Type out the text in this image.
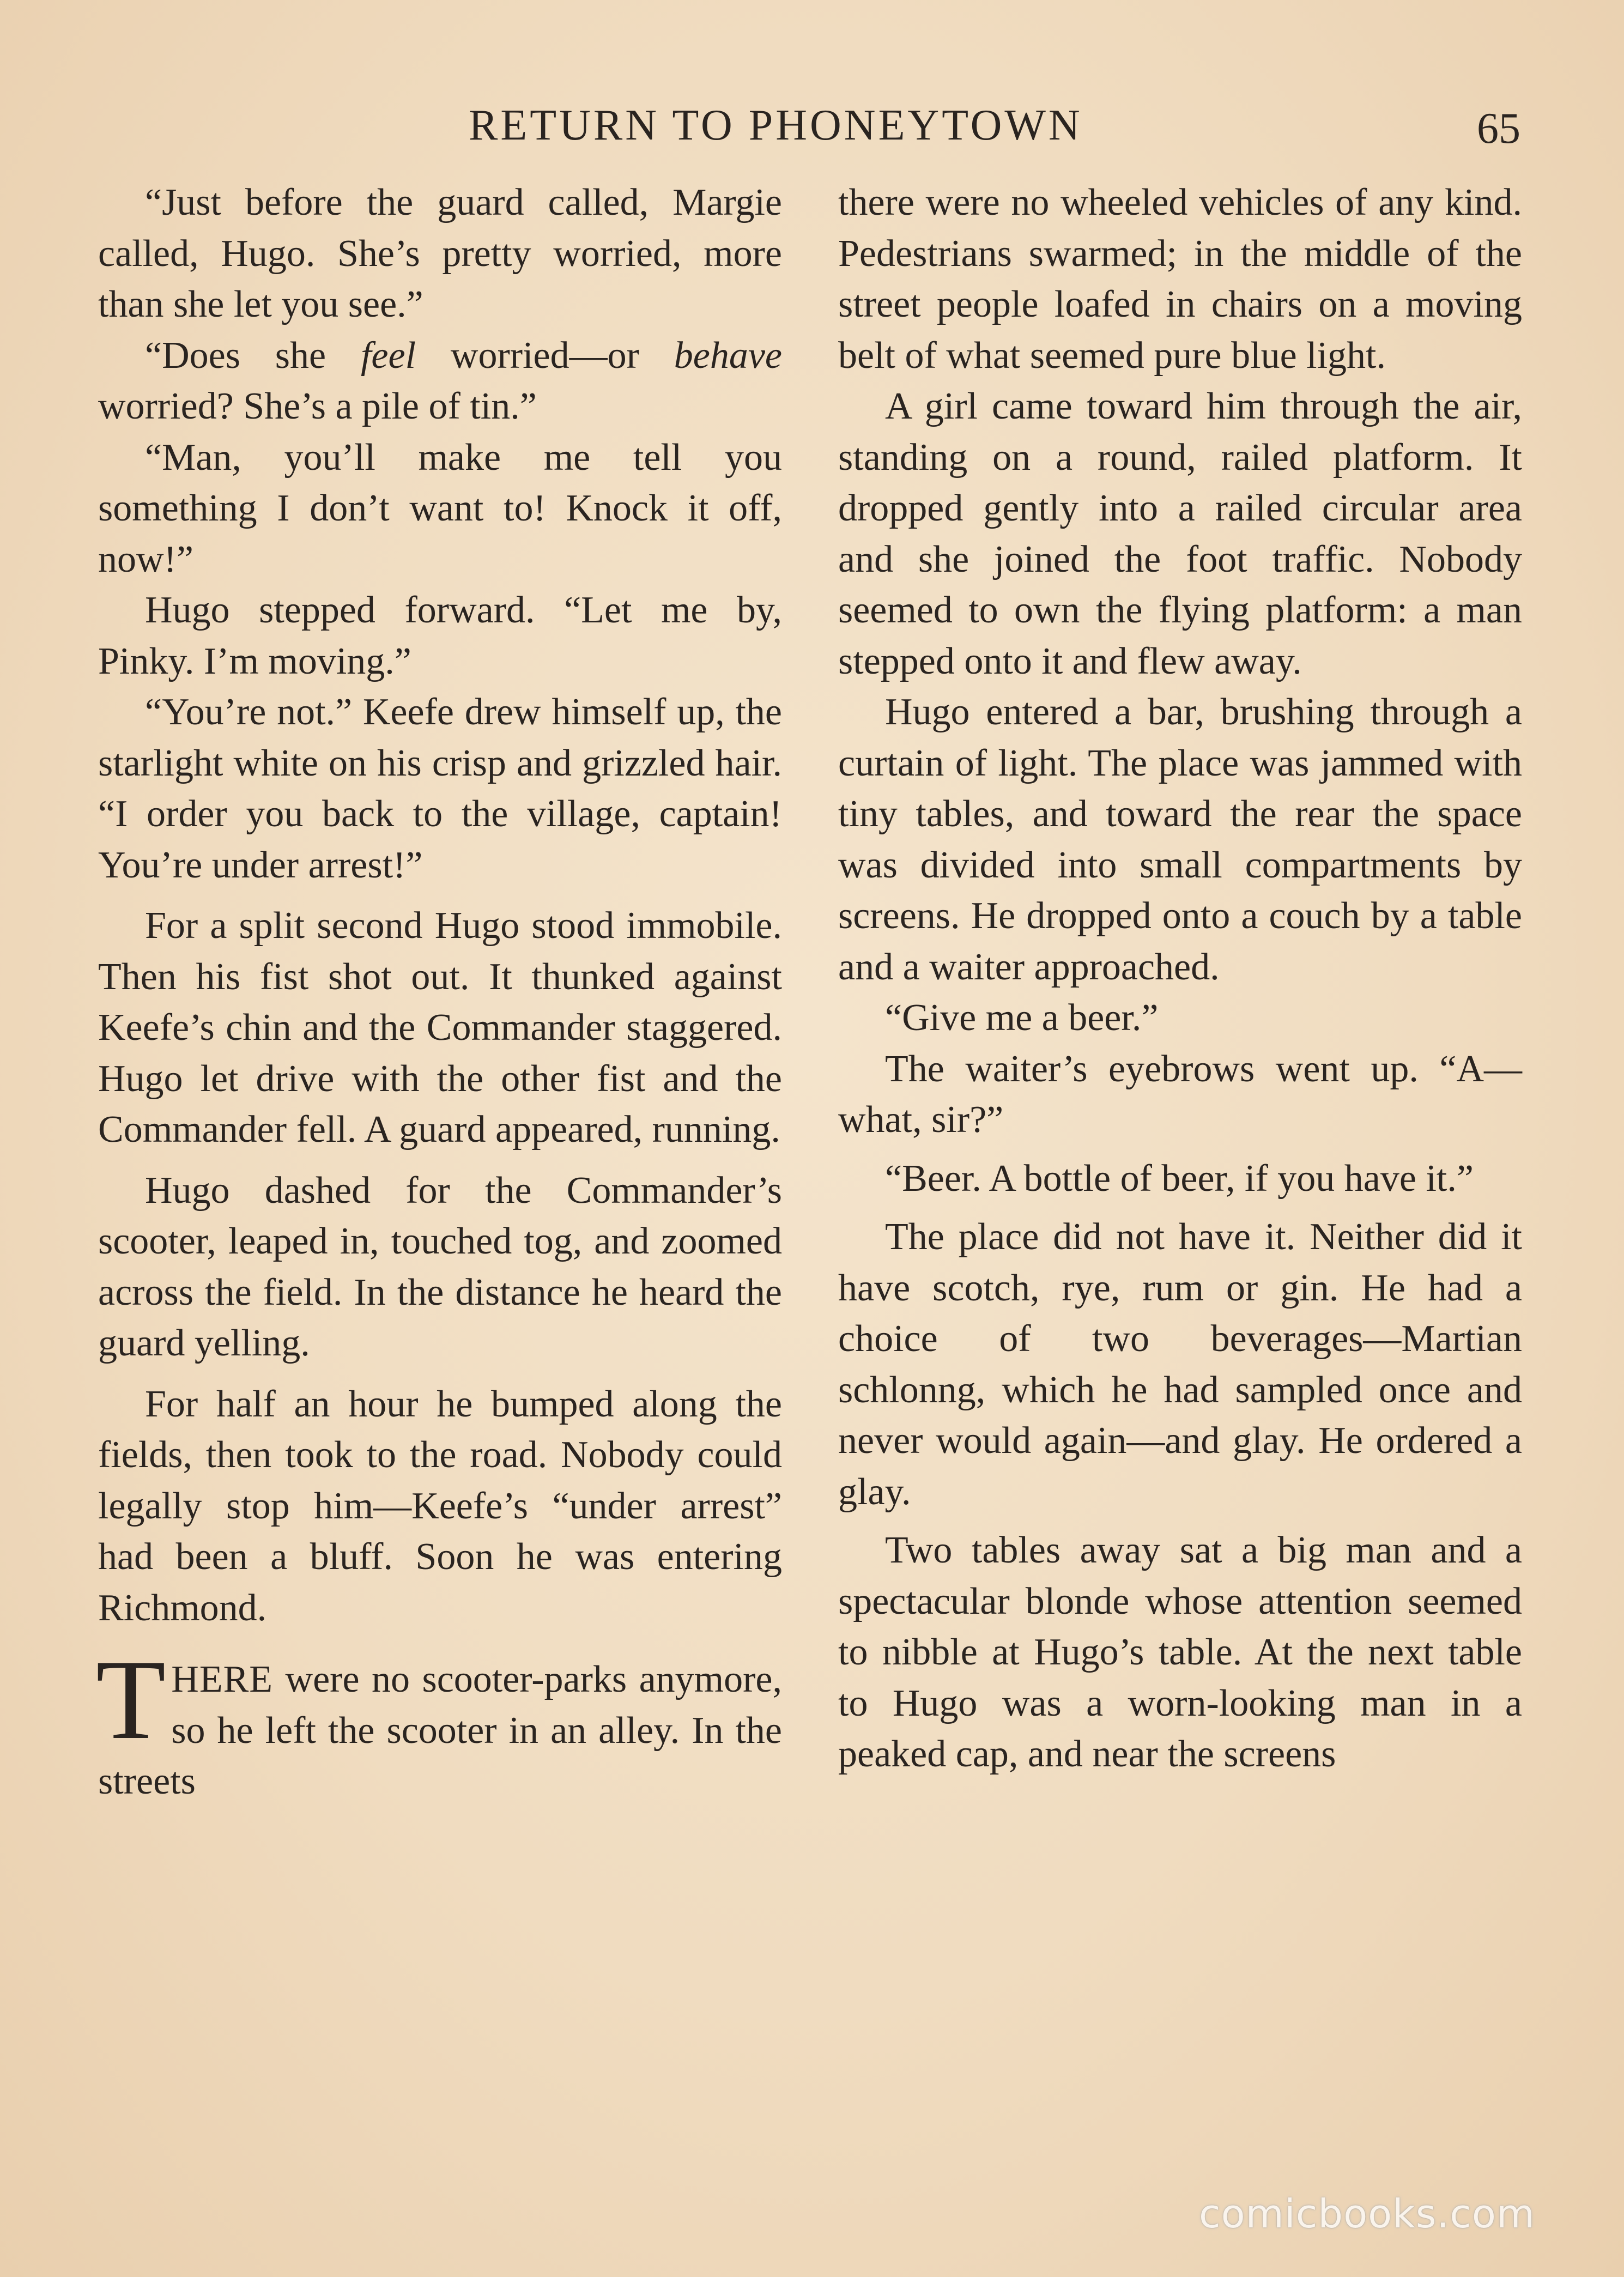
RETURN TO PHONEYTOWN	65

“Just before the guard called, Margie called, Hugo. She’s pretty worried, more than she let you see.”

“Does she feel worried—or behave worried? She’s a pile of tin.”

“Man, you’ll make me tell you something I don’t want to! Knock it off, now!”

Hugo stepped forward. “Let me by, Pinky. I’m moving.”

“You’re not.” Keefe drew himself up, the starlight white on his crisp and grizzled hair. “I order you back to the village, captain! You’re under arrest!”

For a split second Hugo stood immobile. Then his fist shot out. It thunked against Keefe’s chin and the Commander staggered. Hugo let drive with the other fist and the Commander fell. A guard appeared, running.

Hugo dashed for the Commander’s scooter, leaped in, touched tog, and zoomed across the field. In the distance he heard the guard yelling.

For half an hour he bumped along the fields, then took to the road. Nobody could legally stop him—Keefe’s “under arrest” had been a bluff. Soon he was entering Richmond.

THERE were no scooter-parks anymore, so he left the scooter in an alley. In the streets

there were no wheeled vehicles of any kind. Pedestrians swarmed; in the middle of the street people loafed in chairs on a moving belt of what seemed pure blue light.

A girl came toward him through the air, standing on a round, railed platform. It dropped gently into a railed circular area and she joined the foot traffic. Nobody seemed to own the flying platform: a man stepped onto it and flew away.

Hugo entered a bar, brushing through a curtain of light. The place was jammed with tiny tables, and toward the rear the space was divided into small compartments by screens. He dropped onto a couch by a table and a waiter approached.

“Give me a beer.”

The waiter’s eyebrows went up. “A—what, sir?”

“Beer. A bottle of beer, if you have it.”

The place did not have it. Neither did it have scotch, rye, rum or gin. He had a choice of two beverages—Martian schlonng, which he had sampled once and never would again—and glay. He ordered a glay.

Two tables away sat a big man and a spectacular blonde whose attention seemed to nibble at Hugo’s table. At the next table to Hugo was a worn-looking man in a peaked cap, and near the screens

comicbooks.com
